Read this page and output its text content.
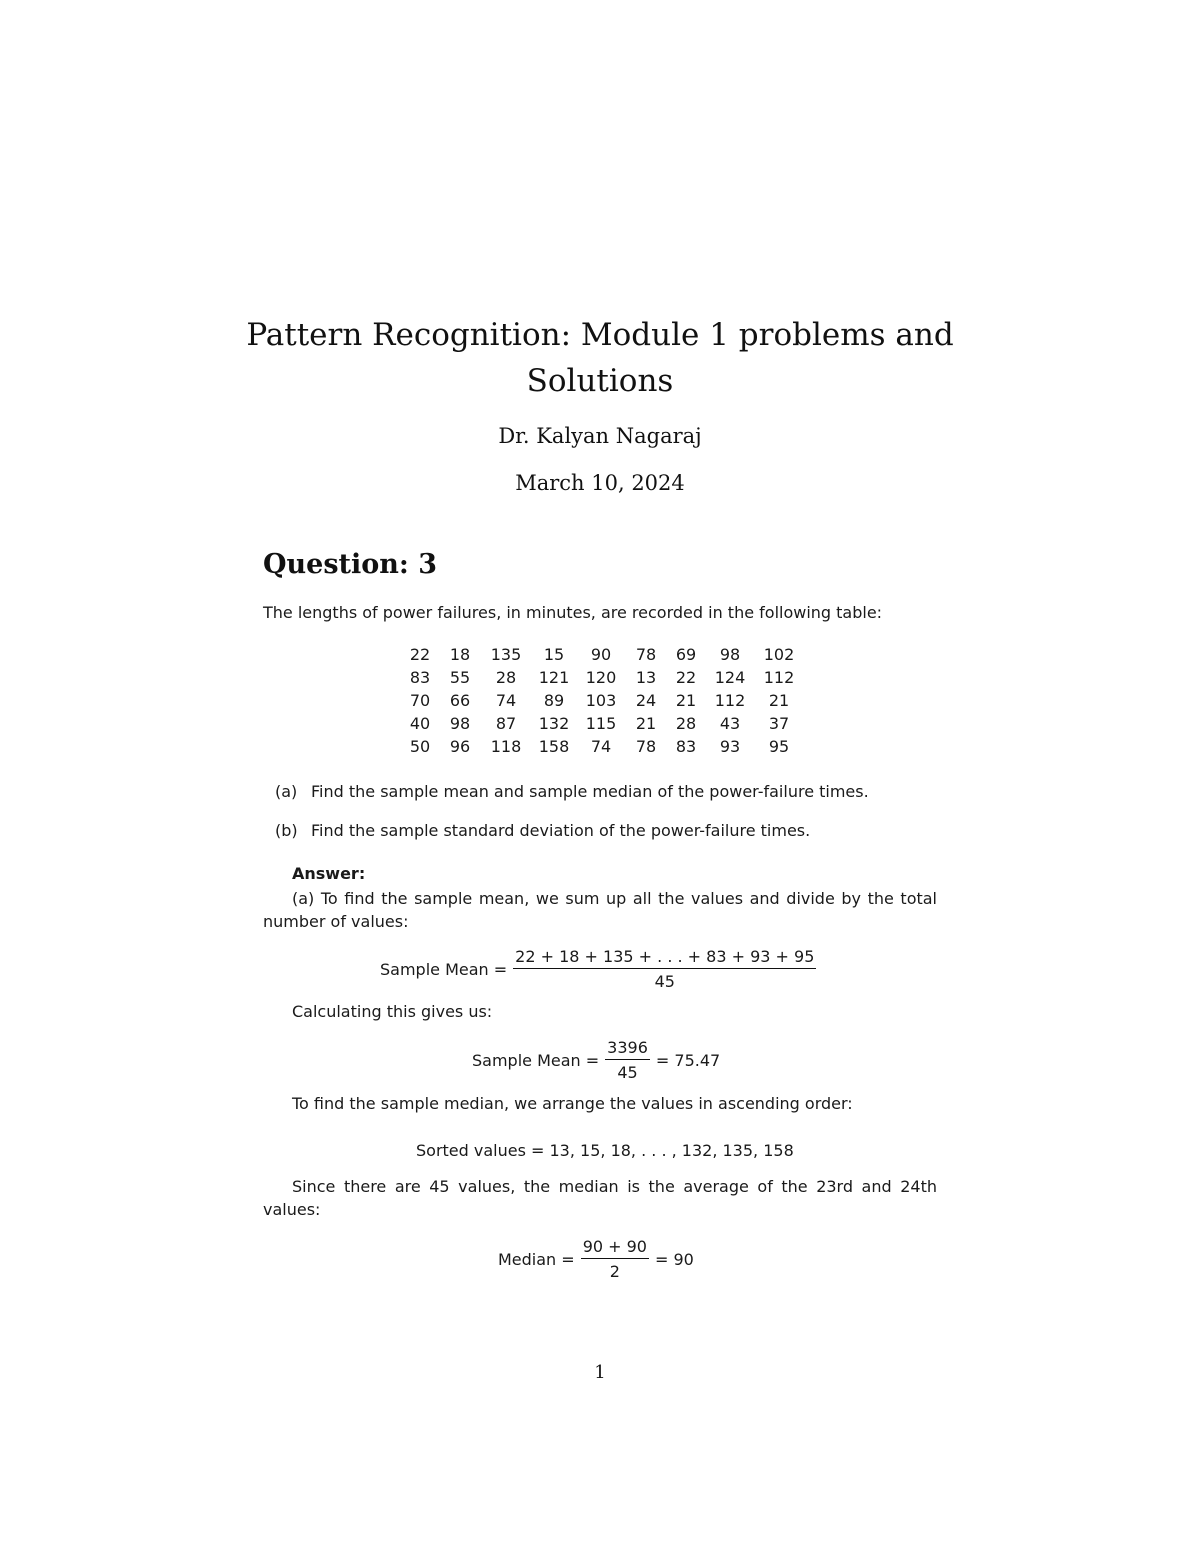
Pattern Recognition: Module 1 problems and
Solutions
Dr. Kalyan Nagaraj
March 10, 2024
Question: 3
The lengths of power failures, in minutes, are recorded in the following table:
22	18	135	15	90	78	69	98	102
83	55	28	121	120	13	22	124	112
70	66	74	89	103	24	21	112	21
40	98	87	132	115	21	28	43	37
50	96	118	158	74	78	83	93	95
(a) Find the sample mean and sample median of the power-failure times.
(b) Find the sample standard deviation of the power-failure times.
Answer:
(a) To find the sample mean, we sum up all the values and divide by the total number of values:
Sample Mean = $\frac{22 + 18 + 135 + . . . + 83 + 93 + 95}{45}$
Calculating this gives us:
Sample Mean = $\frac{3396}{45} = 75.47$
To find the sample median, we arrange the values in ascending order:
Sorted values = 13, 15, 18, . . . , 132, 135, 158
Since there are 45 values, the median is the average of the 23rd and 24th values:
Median = $\frac{90 + 90}{2} = 90$
1
